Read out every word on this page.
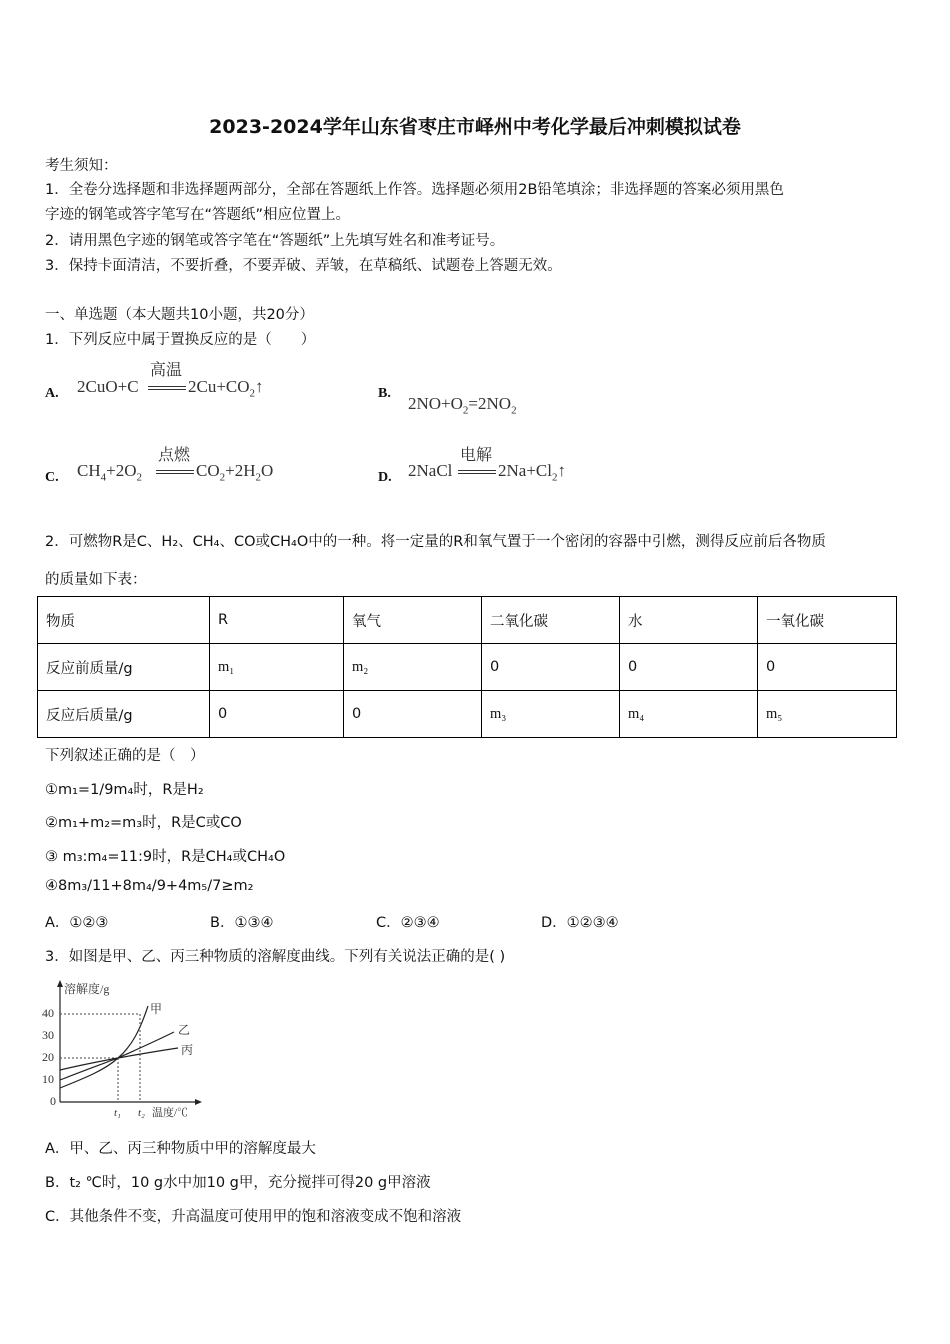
2023-2024学年山东省枣庄市峄州中考化学最后冲刺模拟试卷
考生须知：
1．全卷分选择题和非选择题两部分，全部在答题纸上作答。选择题必须用2B铅笔填涂；非选择题的答案必须用黑色
字迹的钢笔或答字笔写在“答题纸”相应位置上。
2．请用黑色字迹的钢笔或答字笔在“答题纸”上先填写姓名和准考证号。
3．保持卡面清洁，不要折叠，不要弄破、弄皱，在草稿纸、试题卷上答题无效。
一、单选题（本大题共10小题，共20分）
1．下列反应中属于置换反应的是（　　）
A. 2CuO+C
高温
$2Cu+CO_2↑$	B.
$2NO+O_2=2NO_2$
C. $CH_4+2O_2$
点燃
$CO_2+2H_2O$	D. 2NaCl
电解
$2Na+Cl_2↑$
2．可燃物R是C、H₂、CH₄、CO或CH₄O中的一种。将一定量的R和氧气置于一个密闭的容器中引燃，测得反应前后各物质
的质量如下表：
物质	R	氧气	二氧化碳	水	一氧化碳
反应前质量/g	m₁	m₂	0	0	0
反应后质量/g	0	0	m₃	m₄	m₅
下列叙述正确的是（　）
①m₁=1/9m₄时，R是H₂
②m₁+m₂=m₃时，R是C或CO
③ m₃:m₄=11:9时，R是CH₄或CH₄O
④8m₃/11+8m₄/9+4m₅/7≥m₂
A．①②③	B．①③④	C．②③④	D．①②③④
3．如图是甲、乙、丙三种物质的溶解度曲线。下列有关说法正确的是( )
溶解度/g
40
30
20
10
0
甲
乙
丙
t₁ t₂ 温度/℃
A．甲、乙、丙三种物质中甲的溶解度最大
B．t₂ ℃时，10 g水中加10 g甲，充分搅拌可得20 g甲溶液
C．其他条件不变，升高温度可使用甲的饱和溶液变成不饱和溶液
